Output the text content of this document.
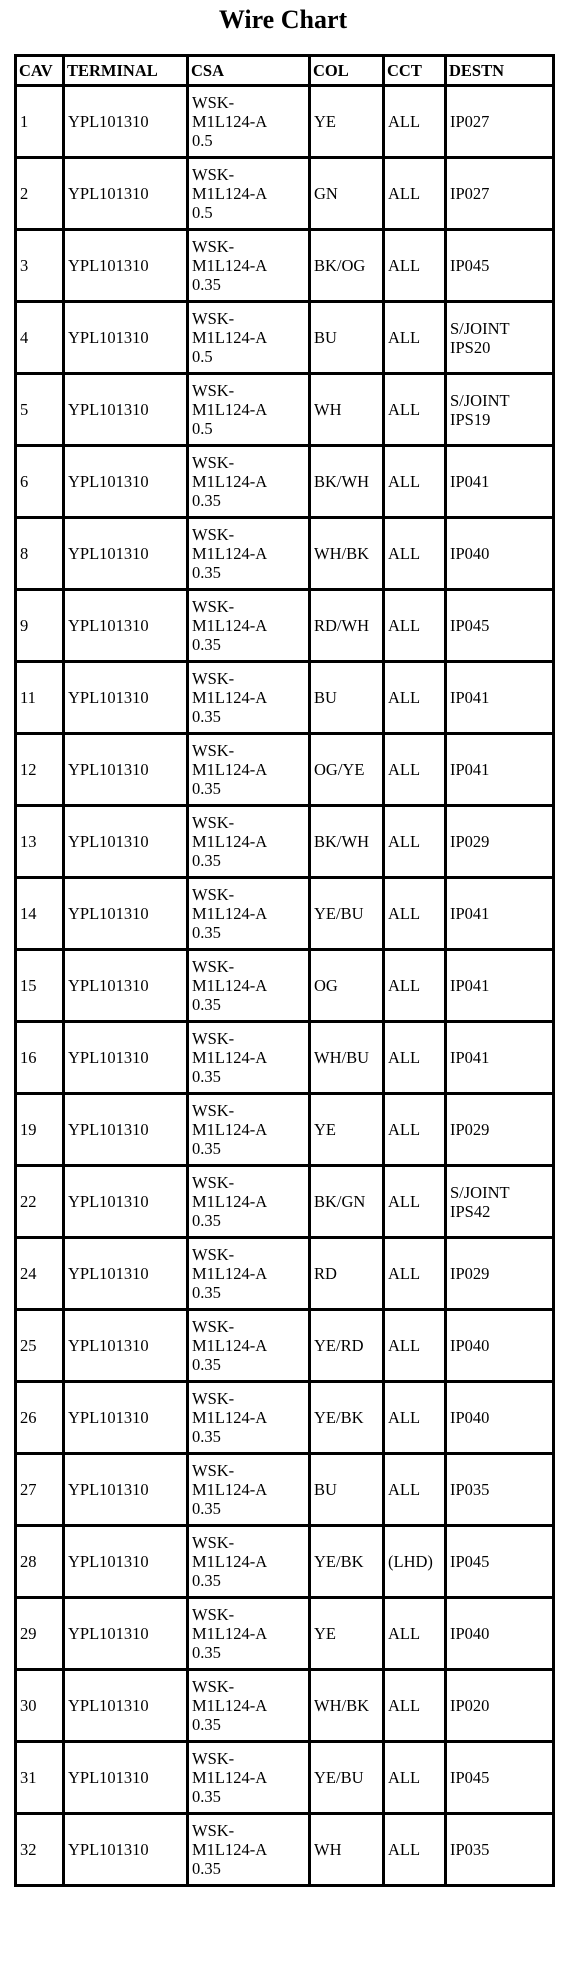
Wire Chart
CAV	TERMINAL	CSA	COL	CCT	DESTN
1	YPL101310	WSK-
M1L124-A
0.5	YE	ALL	IP027

2	YPL101310	WSK-
M1L124-A
0.5	GN	ALL	IP027

3	YPL101310	WSK-
M1L124-A
0.35	BK/OG	ALL	IP045

4	YPL101310	WSK-
M1L124-A
0.5	BU	ALL	S/JOINT
IPS20

5	YPL101310	WSK-
M1L124-A
0.5	WH	ALL	S/JOINT
IPS19

6	YPL101310	WSK-
M1L124-A
0.35	BK/WH	ALL	IP041

8	YPL101310	WSK-
M1L124-A
0.35	WH/BK	ALL	IP040

9	YPL101310	WSK-
M1L124-A
0.35	RD/WH	ALL	IP045

11	YPL101310	WSK-
M1L124-A
0.35	BU	ALL	IP041

12	YPL101310	WSK-
M1L124-A
0.35	OG/YE	ALL	IP041

13	YPL101310	WSK-
M1L124-A
0.35	BK/WH	ALL	IP029

14	YPL101310	WSK-
M1L124-A
0.35	YE/BU	ALL	IP041

15	YPL101310	WSK-
M1L124-A
0.35	OG	ALL	IP041

16	YPL101310	WSK-
M1L124-A
0.35	WH/BU	ALL	IP041

19	YPL101310	WSK-
M1L124-A
0.35	YE	ALL	IP029

22	YPL101310	WSK-
M1L124-A
0.35	BK/GN	ALL	S/JOINT
IPS42

24	YPL101310	WSK-
M1L124-A
0.35	RD	ALL	IP029

25	YPL101310	WSK-
M1L124-A
0.35	YE/RD	ALL	IP040

26	YPL101310	WSK-
M1L124-A
0.35	YE/BK	ALL	IP040

27	YPL101310	WSK-
M1L124-A
0.35	BU	ALL	IP035

28	YPL101310	WSK-
M1L124-A
0.35	YE/BK	(LHD)	IP045

29	YPL101310	WSK-
M1L124-A
0.35	YE	ALL	IP040

30	YPL101310	WSK-
M1L124-A
0.35	WH/BK	ALL	IP020

31	YPL101310	WSK-
M1L124-A
0.35	YE/BU	ALL	IP045

32	YPL101310	WSK-
M1L124-A
0.35	WH	ALL	IP035
